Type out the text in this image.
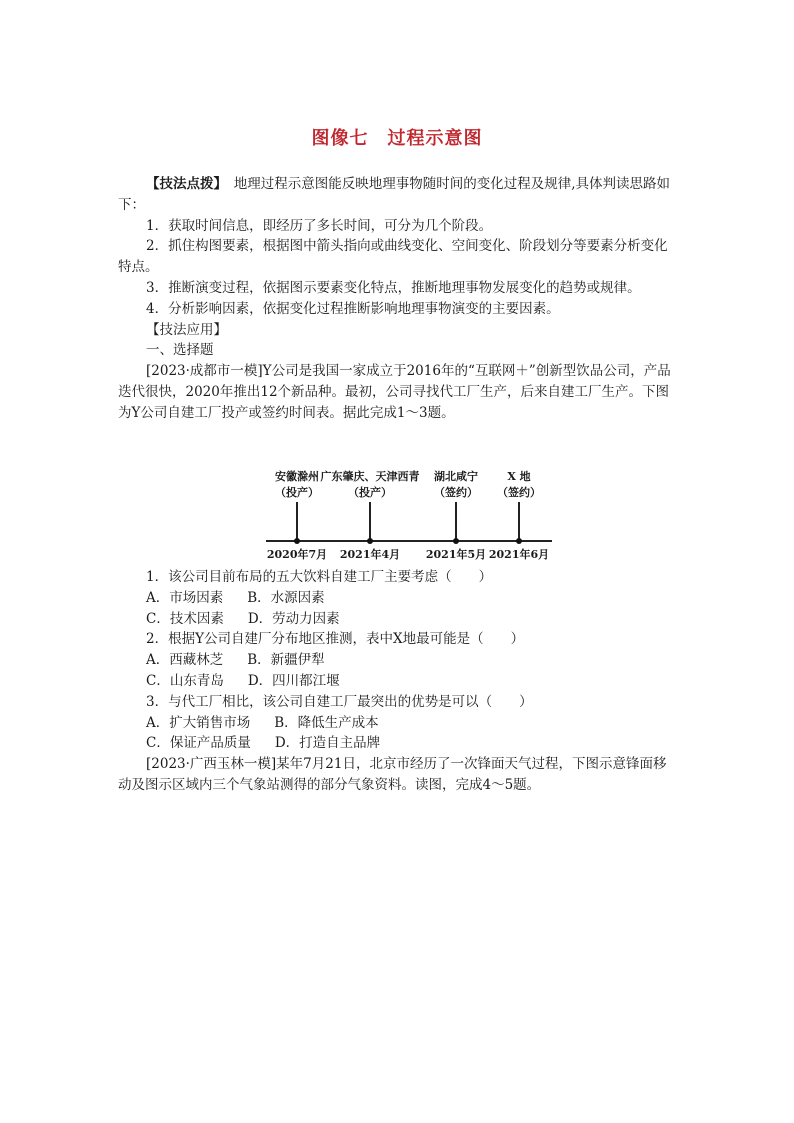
图像七　过程示意图

【技法点拨】　地理过程示意图能反映地理事物随时间的变化过程及规律,具体判读思路如下：

1．获取时间信息，即经历了多长时间，可分为几个阶段。

2．抓住构图要素，根据图中箭头指向或曲线变化、空间变化、阶段划分等要素分析变化特点。

3．推断演变过程，依据图示要素变化特点，推断地理事物发展变化的趋势或规律。

4．分析影响因素，依据变化过程推断影响地理事物演变的主要因素。

【技法应用】

一、选择题

[2023·成都市一模]Y公司是我国一家成立于2016年的“互联网＋”创新型饮品公司，产品迭代很快，2020年推出12个新品种。最初，公司寻找代工厂生产，后来自建工厂生产。下图为Y公司自建工厂投产或签约时间表。据此完成1～3题。

安徽滁州
（投产）
广东肇庆、天津西青
（投产）
湖北咸宁
（签约）
X 地
（签约）
2020年7月 2021年4月 2021年5月 2021年6月

1．该公司目前布局的五大饮料自建工厂主要考虑（　　）

A．市场因素 B．水源因素

C．技术因素 D．劳动力因素

2．根据Y公司自建厂分布地区推测，表中X地最可能是（　　）

A．西藏林芝 B．新疆伊犁

C．山东青岛 D．四川都江堰

3．与代工厂相比，该公司自建工厂最突出的优势是可以（　　）

A．扩大销售市场 B．降低生产成本

C．保证产品质量 D．打造自主品牌

[2023·广西玉林一模]某年7月21日，北京市经历了一次锋面天气过程，下图示意锋面移动及图示区域内三个气象站测得的部分气象资料。读图，完成4～5题。
